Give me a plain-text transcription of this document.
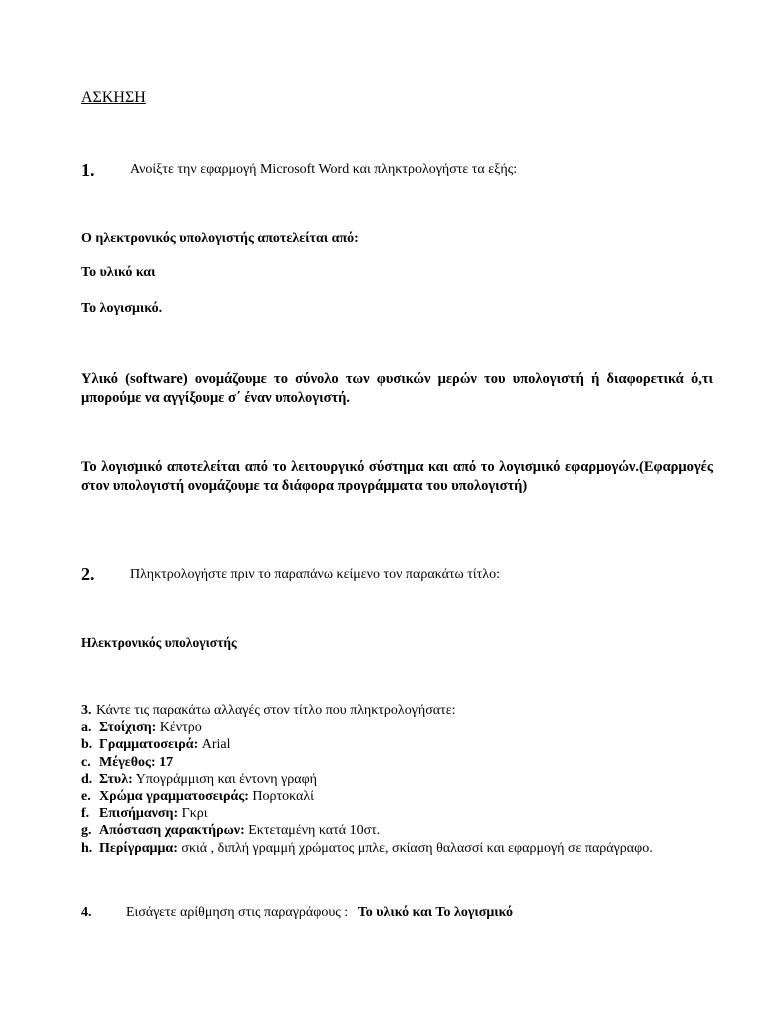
ΑΣΚΗΣΗ
1.	Ανοίξτε την εφαρμογή Microsoft Word και πληκτρολογήστε τα εξής:
Ο ηλεκτρονικός υπολογιστής αποτελείται από:
Το υλικό και
Το λογισμικό.
Υλικό (software) ονομάζουμε το σύνολο των φυσικών μερών του υπολογιστή ή διαφορετικά ό,τι μπορούμε να αγγίξουμε σ΄ έναν υπολογιστή.
Το λογισμικό αποτελείται από το λειτουργικό σύστημα και από το λογισμικό εφαρμογών.(Εφαρμογές στον υπολογιστή ονομάζουμε τα διάφορα προγράμματα του υπολογιστή)
2.	Πληκτρολογήστε πριν το παραπάνω κείμενο τον παρακάτω τίτλο:
Ηλεκτρονικός υπολογιστής
3. Κάντε τις παρακάτω αλλαγές στον τίτλο που πληκτρολογήσατε:
a. Στοίχιση: Κέντρο
b. Γραμματοσειρά: Arial
c. Μέγεθος: 17
d. Στυλ: Υπογράμμιση και έντονη γραφή
e. Χρώμα γραμματοσειράς: Πορτοκαλί
f. Επισήμανση: Γκρι
g. Απόσταση χαρακτήρων: Εκτεταμένη κατά 10στ.
h. Περίγραμμα: σκιά , διπλή γραμμή χρώματος μπλε, σκίαση θαλασσί και εφαρμογή σε παράγραφο.
4. Εισάγετε αρίθμηση στις παραγράφους : Το υλικό και Το λογισμικό
